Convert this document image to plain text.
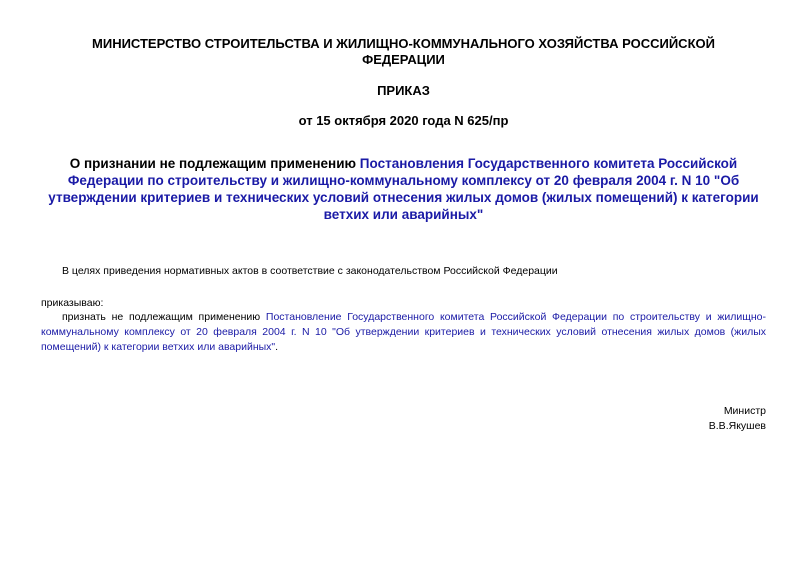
МИНИСТЕРСТВО СТРОИТЕЛЬСТВА И ЖИЛИЩНО-КОММУНАЛЬНОГО ХОЗЯЙСТВА РОССИЙСКОЙ ФЕДЕРАЦИИ
ПРИКАЗ
от 15 октября 2020 года N 625/пр
О признании не подлежащим применению Постановления Государственного комитета Российской Федерации по строительству и жилищно-коммунальному комплексу от 20 февраля 2004 г. N 10 "Об утверждении критериев и технических условий отнесения жилых домов (жилых помещений) к категории ветхих или аварийных"
В целях приведения нормативных актов в соответствие с законодательством Российской Федерации
приказываю:
признать не подлежащим применению Постановление Государственного комитета Российской Федерации по строительству и жилищно-коммунальному комплексу от 20 февраля 2004 г. N 10 "Об утверждении критериев и технических условий отнесения жилых домов (жилых помещений) к категории ветхих или аварийных".
Министр
В.В.Якушев
